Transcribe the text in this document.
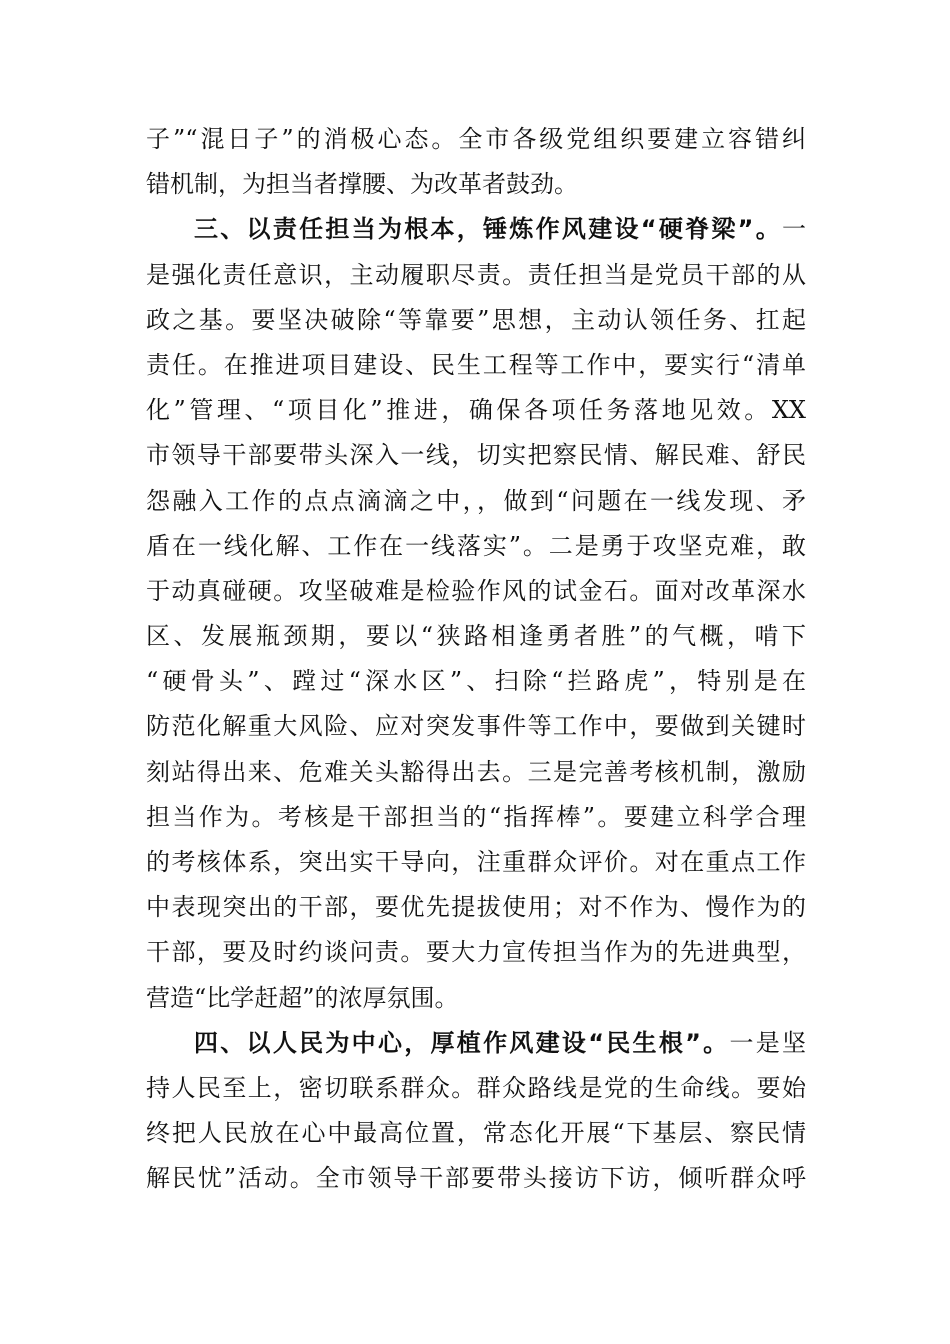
子”“混日子”的消极心态。全市各级党组织要建立容错纠
错机制，为担当者撑腰、为改革者鼓劲。
三、以责任担当为根本，锤炼作风建设“硬脊梁”。一
是强化责任意识，主动履职尽责。责任担当是党员干部的从
政之基。要坚决破除“等靠要”思想，主动认领任务、扛起
责任。在推进项目建设、民生工程等工作中，要实行“清单
化”管理、“项目化”推进，确保各项任务落地见效。XX
市领导干部要带头深入一线，切实把察民情、解民难、舒民
怨融入工作的点点滴滴之中，，做到“问题在一线发现、矛
盾在一线化解、工作在一线落实”。二是勇于攻坚克难，敢
于动真碰硬。攻坚破难是检验作风的试金石。面对改革深水
区、发展瓶颈期，要以“狭路相逢勇者胜”的气概，啃下
“硬骨头”、蹚过“深水区”、扫除“拦路虎”，特别是在
防范化解重大风险、应对突发事件等工作中，要做到关键时
刻站得出来、危难关头豁得出去。三是完善考核机制，激励
担当作为。考核是干部担当的“指挥棒”。要建立科学合理
的考核体系，突出实干导向，注重群众评价。对在重点工作
中表现突出的干部，要优先提拔使用；对不作为、慢作为的
干部，要及时约谈问责。要大力宣传担当作为的先进典型，
营造“比学赶超”的浓厚氛围。
四、以人民为中心，厚植作风建设“民生根”。一是坚
持人民至上，密切联系群众。群众路线是党的生命线。要始
终把人民放在心中最高位置，常态化开展“下基层、察民情
解民忧”活动。全市领导干部要带头接访下访，倾听群众呼
